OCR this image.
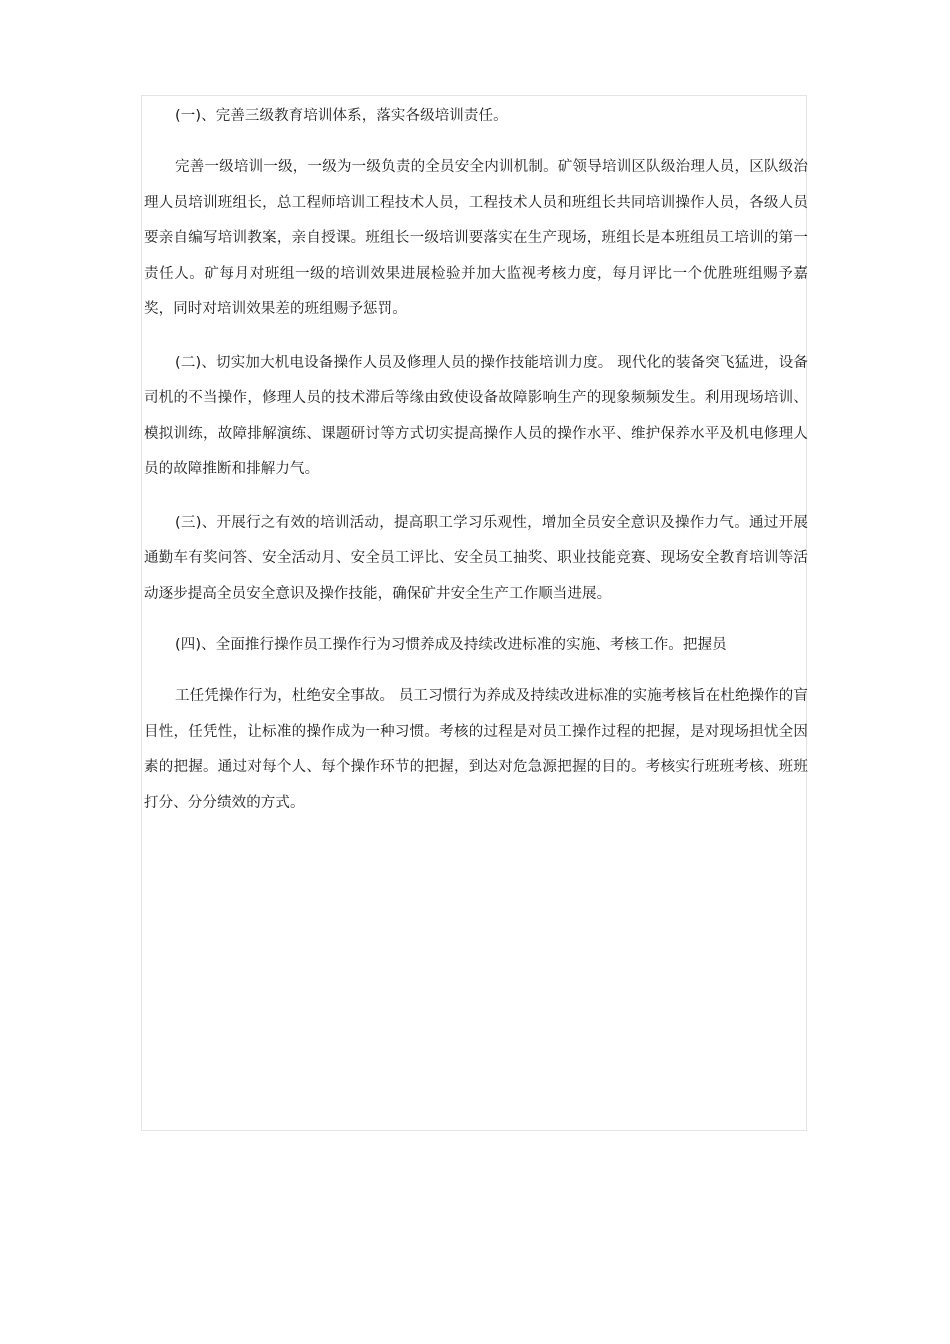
(一)、完善三级教育培训体系，落实各级培训责任。

完善一级培训一级，一级为一级负责的全员安全内训机制。矿领导培训区队级治理人员，区队级治理人员培训班组长，总工程师培训工程技术人员，工程技术人员和班组长共同培训操作人员，各级人员要亲自编写培训教案，亲自授课。班组长一级培训要落实在生产现场，班组长是本班组员工培训的第一责任人。矿每月对班组一级的培训效果进展检验并加大监视考核力度，每月评比一个优胜班组赐予嘉奖，同时对培训效果差的班组赐予惩罚。

(二)、切实加大机电设备操作人员及修理人员的操作技能培训力度。 现代化的装备突飞猛进，设备司机的不当操作，修理人员的技术滞后等缘由致使设备故障影响生产的现象频频发生。利用现场培训、模拟训练，故障排解演练、课题研讨等方式切实提高操作人员的操作水平、维护保养水平及机电修理人员的故障推断和排解力气。

(三)、开展行之有效的培训活动，提高职工学习乐观性，增加全员安全意识及操作力气。通过开展通勤车有奖问答、安全活动月、安全员工评比、安全员工抽奖、职业技能竞赛、现场安全教育培训等活动逐步提高全员安全意识及操作技能，确保矿井安全生产工作顺当进展。

(四)、全面推行操作员工操作行为习惯养成及持续改进标准的实施、考核工作。把握员

工任凭操作行为，杜绝安全事故。 员工习惯行为养成及持续改进标准的实施考核旨在杜绝操作的盲目性，任凭性，让标准的操作成为一种习惯。考核的过程是对员工操作过程的把握，是对现场担忧全因素的把握。通过对每个人、每个操作环节的把握，到达对危急源把握的目的。考核实行班班考核、班班打分、分分绩效的方式。
